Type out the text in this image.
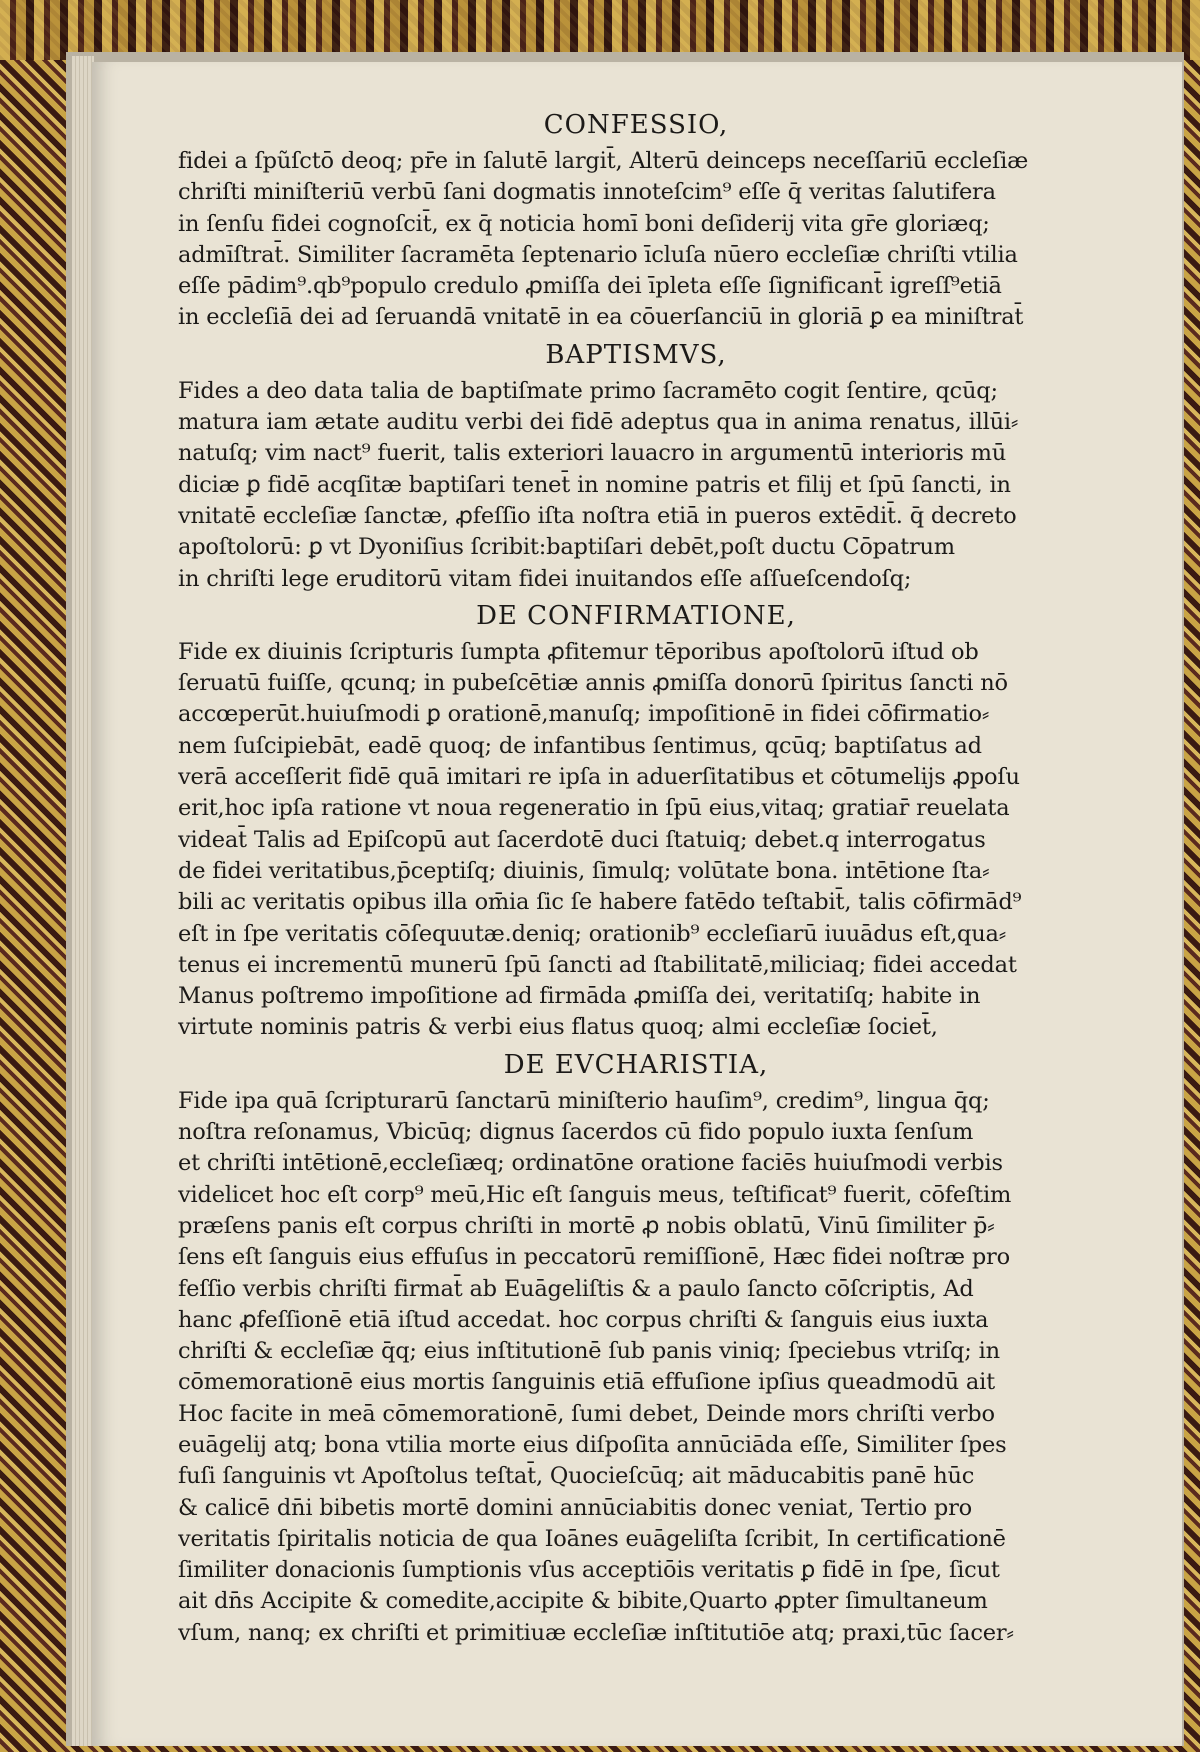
CONFESSIO,
fidei a ſpũſctō deoq; pr̄e in ſalutē largit̄, Alterū deinceps neceſſariū eccleſiæ
chriſti miniſteriū verbū ſani dogmatis innoteſcim⁹ eſſe q̄ veritas ſalutifera
in ſenſu fidei cognoſcit̄, ex q̄ noticia homī boni deſiderij vita gr̄e gloriæq;
admīſtrat̄. Similiter ſacramēta ſeptenario īcluſa nūero eccleſiæ chriſti vtilia
eſſe pādim⁹.qb⁹populo credulo ꝓmiſſa dei īpleta eſſe ſignificant̄ igreſſ⁹etiā
in eccleſiā dei ad ſeruandā vnitatē in ea cōuerſanciū in gloriā ꝑ ea miniſtrat̄
BAPTISMVS,
Fides a deo data talia de baptiſmate primo ſacramēto cogit ſentire, qcūq;
matura iam ætate auditu verbi dei fidē adeptus qua in anima renatus, illūi⸗
natuſq; vim nact⁹ fuerit, talis exteriori lauacro in argumentū interioris mū
diciæ ꝑ fidē acqſitæ baptiſari tenet̄ in nomine patris et filij et ſpū ſancti, in
vnitatē eccleſiæ ſanctæ, ꝓfeſſio iſta noſtra etiā in pueros extēdit̄. q̄ decreto
apoſtolorū: ꝑ vt Dyoniſius ſcribit:baptiſari debēt,poſt ductu Cōpatrum
in chriſti lege eruditorū vitam fidei inuitandos eſſe aſſueſcendoſq;
DE CONFIRMATIONE,
Fide ex diuinis ſcripturis ſumpta ꝓfitemur tēporibus apoſtolorū iſtud ob
ſeruatū fuiſſe, qcunq; in pubeſcētiæ annis ꝓmiſſa donorū ſpiritus ſancti nō
accœperūt.huiuſmodi ꝑ orationē,manuſq; impoſitionē in fidei cōfirmatio⸗
nem ſuſcipiebāt, eadē quoq; de infantibus ſentimus, qcūq; baptiſatus ad
verā acceſſerit fidē quā imitari re ipſa in aduerſitatibus et cōtumelijs ꝓpoſu
erit,hoc ipſa ratione vt noua regeneratio in ſpū eius,vitaq; gratiar̄ reuelata
videat̄ Talis ad Epiſcopū aut ſacerdotē duci ſtatuiq; debet.q interrogatus
de fidei veritatibus,p̄ceptiſq; diuinis, ſimulq; volūtate bona. intētione ſta⸗
bili ac veritatis opibus illa om̄ia ſic ſe habere fatēdo teſtabit̄, talis cōfirmād⁹
eſt in ſpe veritatis cōſequutæ.deniq; orationib⁹ eccleſiarū iuuādus eſt,qua⸗
tenus ei incrementū munerū ſpū ſancti ad ſtabilitatē,miliciaq; fidei accedat
Manus poſtremo impoſitione ad firmāda ꝓmiſſa dei, veritatiſq; habite in
virtute nominis patris & verbi eius flatus quoq; almi eccleſiæ ſociet̄,
DE EVCHARISTIA,
Fide ipa quā ſcripturarū ſanctarū miniſterio hauſim⁹, credim⁹, lingua q̄q;
noſtra reſonamus, Vbicūq; dignus ſacerdos cū fido populo iuxta ſenſum
et chriſti intētionē,eccleſiæq; ordinatōne oratione faciēs huiuſmodi verbis
videlicet hoc eſt corp⁹ meū,Hic eſt ſanguis meus, teſtificat⁹ fuerit, cōfeſtim
præſens panis eſt corpus chriſti in mortē ꝓ nobis oblatū, Vinū ſimiliter p̄⸗
ſens eſt ſanguis eius effuſus in peccatorū remiſſionē, Hæc fidei noſtræ pro
feſſio verbis chriſti firmat̄ ab Euāgeliſtis & a paulo ſancto cōſcriptis, Ad
hanc ꝓfeſſionē etiā iſtud accedat. hoc corpus chriſti & ſanguis eius iuxta
chriſti & eccleſiæ q̄q; eius inſtitutionē ſub panis viniq; ſpeciebus vtriſq; in
cōmemorationē eius mortis ſanguinis etiā effuſione ipſius queadmodū ait
Hoc facite in meā cōmemorationē, ſumi debet, Deinde mors chriſti verbo
euāgelij atq; bona vtilia morte eius diſpoſita annūciāda eſſe, Similiter ſpes
fuſi ſanguinis vt Apoſtolus teſtat̄, Quocieſcūq; ait māducabitis panē hūc
& calicē dn̄i bibetis mortē domini annūciabitis donec veniat, Tertio pro
veritatis ſpiritalis noticia de qua Ioānes euāgeliſta ſcribit, In certificationē
ſimiliter donacionis ſumptionis vſus acceptiōis veritatis ꝑ fidē in ſpe, ſicut
ait dn̄s Accipite & comedite,accipite & bibite,Quarto ꝓpter ſimultaneum
vſum, nanq; ex chriſti et primitiuæ eccleſiæ inſtitutiōe atq; praxi,tūc ſacer⸗
